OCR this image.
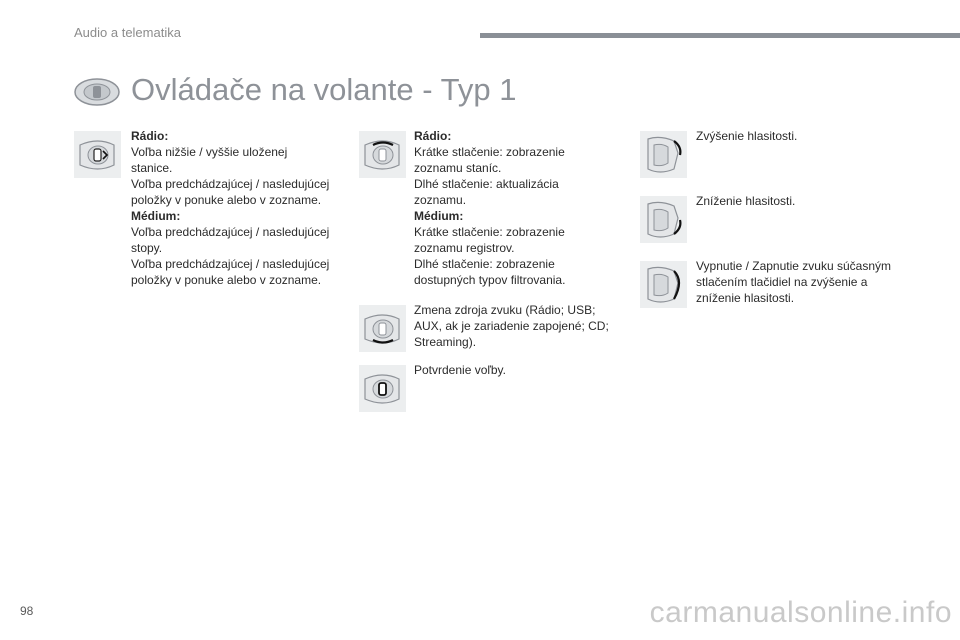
Audio a telematika
Ovládače na volante - Typ 1

Rádio:

Voľba nižšie / vyššie uloženej

stanice.

Voľba predchádzajúcej / nasledujúcej

položky v ponuke alebo v zozname.

Médium:

Voľba predchádzajúcej / nasledujúcej

stopy.

Voľba predchádzajúcej / nasledujúcej

položky v ponuke alebo v zozname.

Rádio:

Krátke stlačenie: zobrazenie

zoznamu staníc.

Dlhé stlačenie: aktualizácia

zoznamu.

Médium:

Krátke stlačenie: zobrazenie

zoznamu registrov.

Dlhé stlačenie: zobrazenie

dostupných typov filtrovania.

Zmena zdroja zvuku (Rádio; USB;

AUX, ak je zariadenie zapojené; CD;

Streaming).

Potvrdenie voľby.

Zvýšenie hlasitosti.

Zníženie hlasitosti.

Vypnutie / Zapnutie zvuku súčasným

stlačením tlačidiel na zvýšenie a

zníženie hlasitosti.

98	carmanualsonline.info
